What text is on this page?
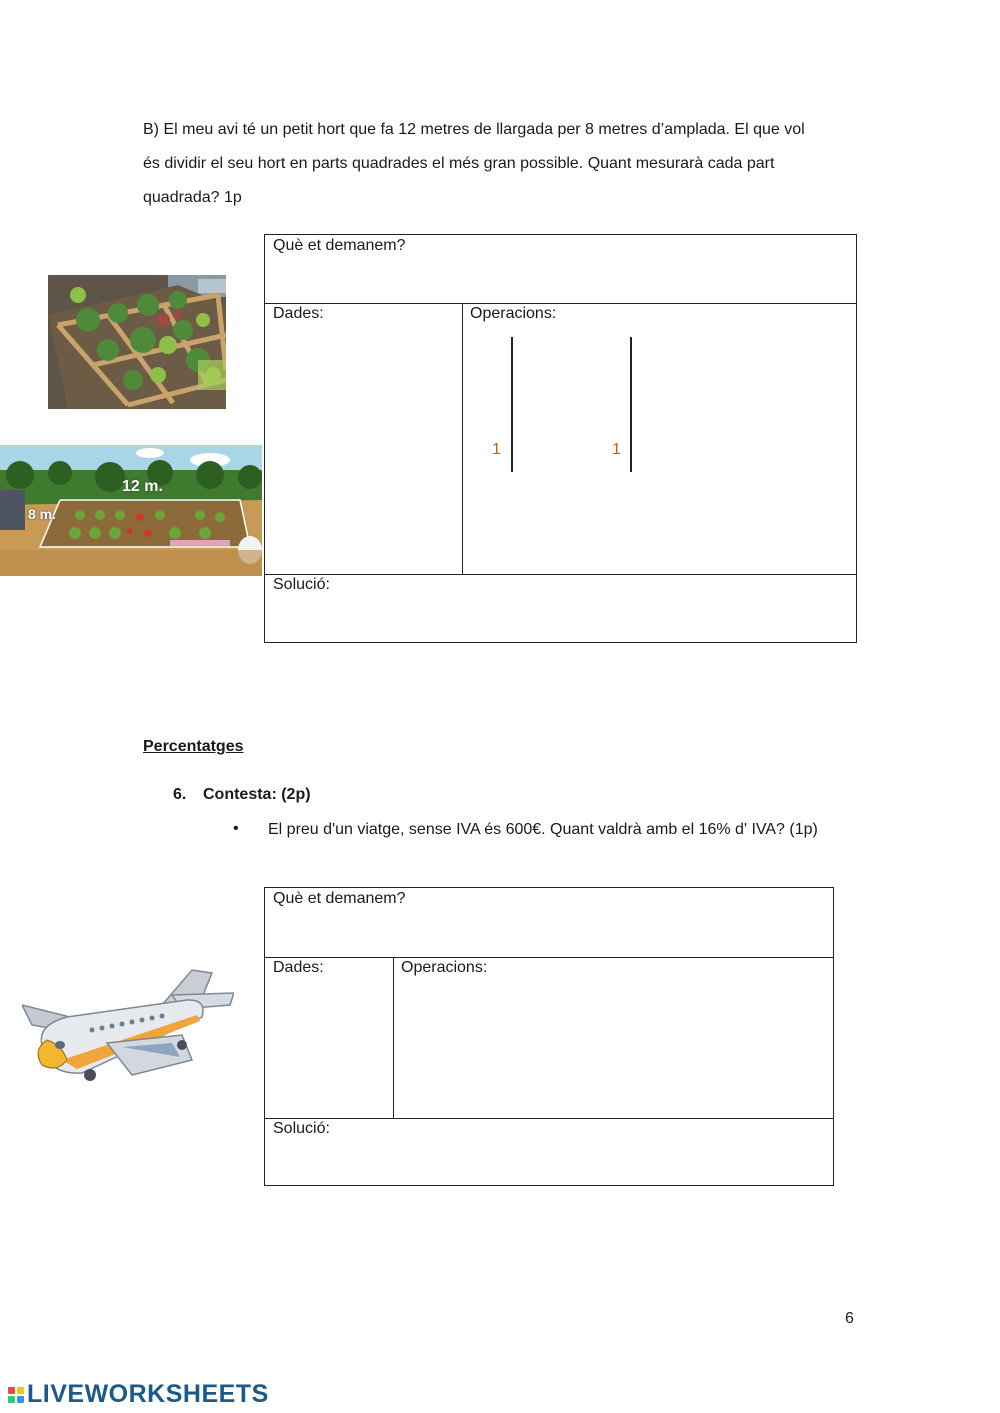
B) El meu avi té un petit hort que fa 12 metres de llargada per 8 metres d’amplada. El que vol
és dividir el seu hort en parts quadrades el més gran possible. Quant mesurarà cada part
quadrada? 1p
12 m.
8 m.
Què et demanem?
Dades:	Operacions:
1	1
Solució:
Percentatges
6. Contesta: (2p)
• El preu d'un viatge, sense IVA és 600€. Quant valdrà amb el 16% d' IVA? (1p)
Què et demanem?
Dades:	Operacions:
Solució:
6
LIVEWORKSHEETS
